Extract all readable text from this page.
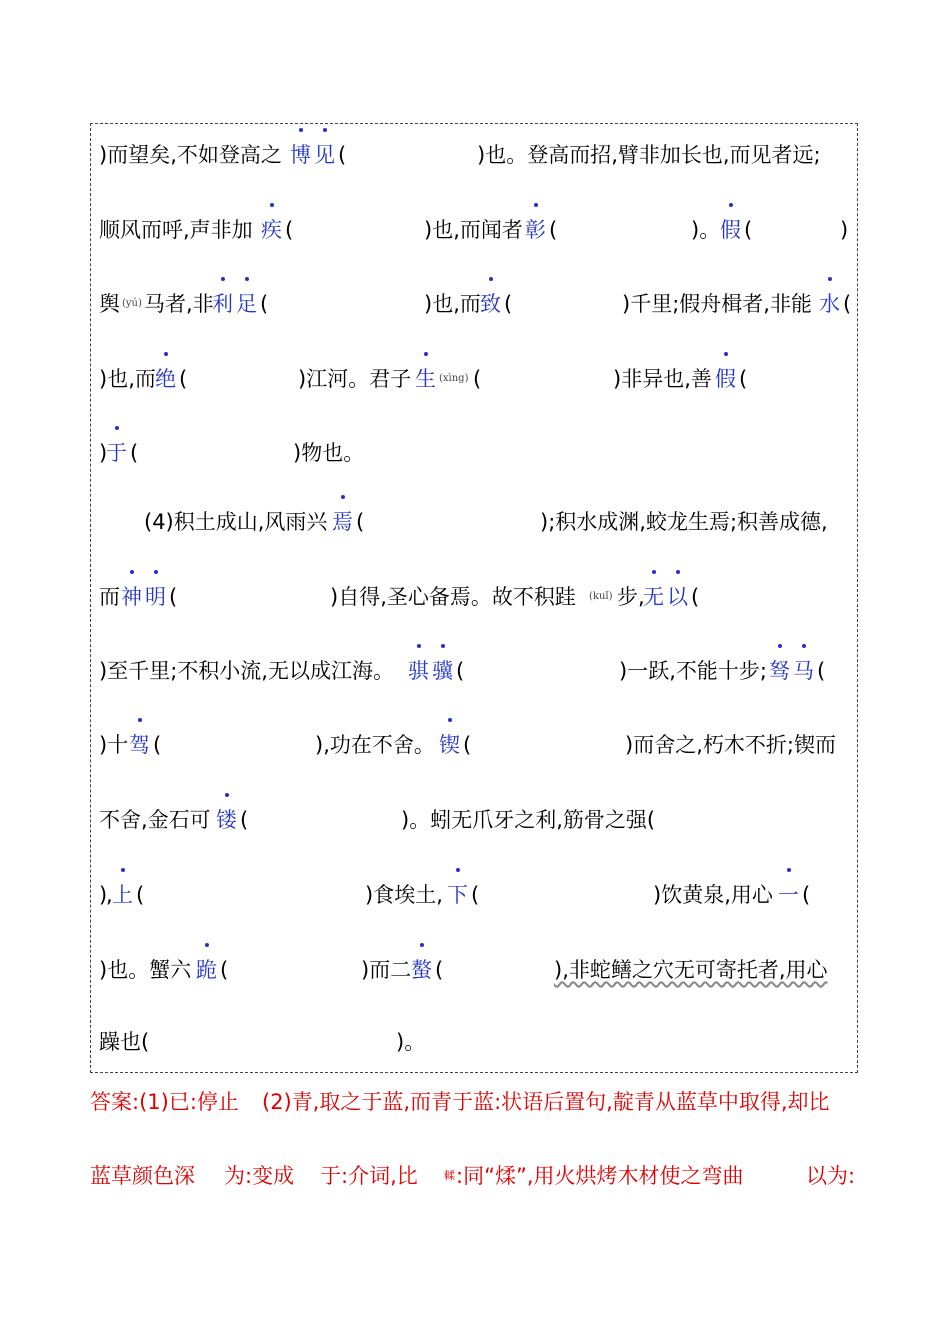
)而望矣,不如登高之 博 见 (	)也。登高而招,臂非加长也,而见者远;
顺风而呼,声非加 疾 (	)也,而闻者 彰 (	)。 假 (	)
舆 (yú) 马者,非
利 足 (	)也,而 致 (	)千里;假舟楫者,非能 水 (
)也,而 绝 (	)江河。君子 生 (xìng) (	)非异也,善 假 (
)
于 (	)物也。
(4)积土成山,风雨兴 焉 (	);积水成渊,蛟龙生焉;积善成德,
而 神 明 (	)自得,圣心备焉。故不积跬 (kuǐ) 步,
无 以 (
)至千里;不积小流,无以成江海。 骐 骥 (	)一跃,不能十步; 驽 马 (
)十 驾 (	),功在不舍。 锲 (	)而舍之,朽木不折;锲而
不舍,金石可 镂 (	)。蚓无爪牙之利,筋骨之强(
)
, 上 (	)食埃土, 下 (	)饮黄泉,用心 一 (
)也。蟹六 跪 (	)而二 螯 (	),非蛇鳝之穴无可寄托者,用心
躁也(	)。
答案:(1)已:停止 (2)青,取之于蓝,而青于蓝:状语后置句,靛青从蓝草中取得,却比
蓝草颜色深 为:变成 于:介词,比 輮 :同“煣”,用火烘烤木材使之弯曲	以为:
